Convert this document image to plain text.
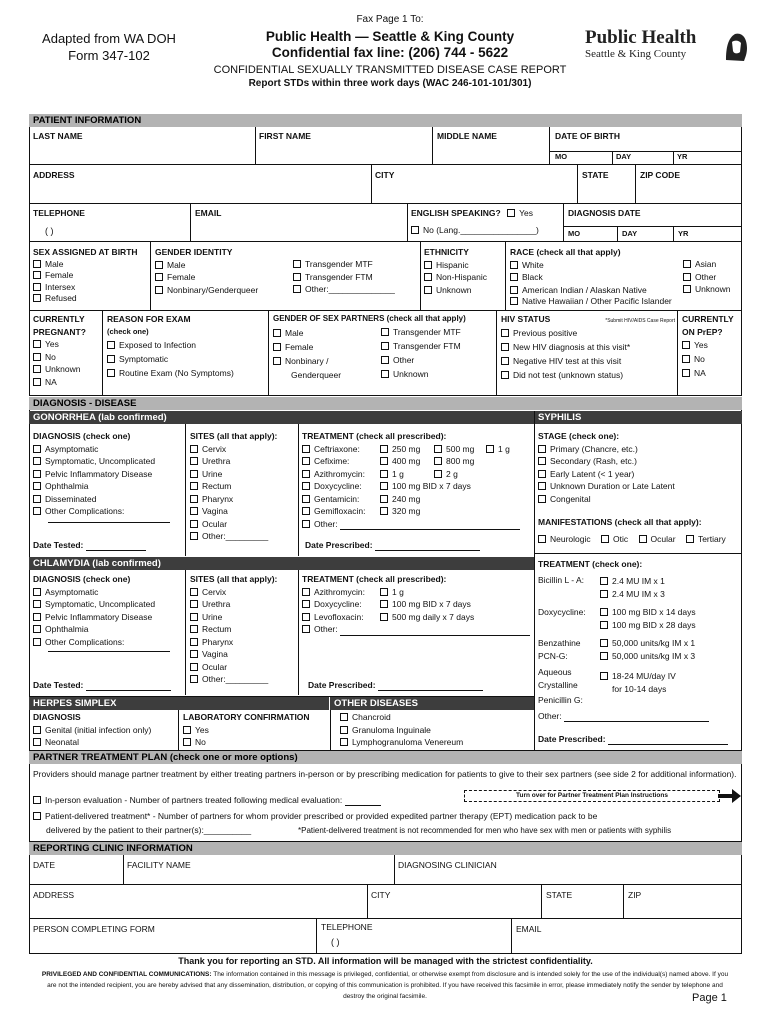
Adapted from WA DOH
Form 347-102
Fax Page 1 To:
Public Health — Seattle & King County
Confidential fax line: (206) 744 - 5622
CONFIDENTIAL SEXUALLY TRANSMITTED DISEASE CASE REPORT
Report STDs within three work days (WAC 246-101-101/301)
Public Health
Seattle & King County
PATIENT INFORMATION
LAST NAME	FIRST NAME	MIDDLE NAME	DATE OF BIRTH
MO	DAY	YR
ADDRESS	CITY	STATE	ZIP CODE
TELEPHONE
( )
EMAIL	ENGLISH SPEAKING? Yes
No (Lang.________________)
DIAGNOSIS DATE
MO	DAY	YR
SEX ASSIGNED AT BIRTH
Male
Female
Intersex
Refused
GENDER IDENTITY
Male
Female
Nonbinary/Genderqueer
Transgender MTF
Transgender FTM
Other:______________
ETHNICITY
Hispanic
Non-Hispanic
Unknown
RACE (check all that apply)
White
Black
American Indian / Alaskan Native
Native Hawaiian / Other Pacific Islander
Asian
Other
Unknown
CURRENTLY
PREGNANT?
Yes
No
Unknown
NA
REASON FOR EXAM
(check one)
Exposed to Infection
Symptomatic
Routine Exam (No Symptoms)
GENDER OF SEX PARTNERS (check all that apply)
Male
Female
Nonbinary /
Genderqueer
Transgender MTF
Transgender FTM
Other
Unknown
HIV STATUS	*Submit HIV/AIDS Case Report
Previous positive
New HIV diagnosis at this visit*
Negative HIV test at this visit
Did not test (unknown status)
CURRENTLY
ON PrEP?
Yes
No
NA
DIAGNOSIS - DISEASE
GONORRHEA (lab confirmed)	SYPHILIS
DIAGNOSIS (check one)
Asymptomatic
Symptomatic, Uncomplicated
Pelvic Inflammatory Disease
Ophthalmia
Disseminated
Other Complications:
Date Tested:
SITES (all that apply):
Cervix
Urethra
Urine
Rectum
Pharynx
Vagina
Ocular
Other:_________
TREATMENT (check all prescribed):
Ceftriaxone:	250 mg	500 mg	1 g
Cefixime:	400 mg	800 mg
Azithromycin:	1 g	2 g
Doxycycline:	100 mg BID x 7 days
Gentamicin:	240 mg
Gemifloxacin:	320 mg
Other:
Date Prescribed:
CHLAMYDIA (lab confirmed)
DIAGNOSIS (check one)
Asymptomatic
Symptomatic, Uncomplicated
Pelvic Inflammatory Disease
Ophthalmia
Other Complications:
Date Tested:
SITES (all that apply):
Cervix
Urethra
Urine
Rectum
Pharynx
Vagina
Ocular
Other:_________
TREATMENT (check all prescribed):
Azithromycin:	1 g
Doxycycline:	100 mg BID x 7 days
Levofloxacin:	500 mg daily x 7 days
Other:
Date Prescribed:
STAGE (check one):
Primary (Chancre, etc.)
Secondary (Rash, etc.)
Early Latent (< 1 year)
Unknown Duration or Late Latent
Congenital
MANIFESTATIONS (check all that apply):
Neurologic	Otic	Ocular	Tertiary
TREATMENT (check one):
Bicillin L - A:	2.4 MU IM x 1
2.4 MU IM x 3
Doxycycline:	100 mg BID x 14 days
100 mg BID x 28 days
Benzathine
PCN-G:
50,000 units/kg IM x 1
50,000 units/kg IM x 3
Aqueous
Crystalline
Penicillin G:
18-24 MU/day IV
for 10-14 days
Other:
Date Prescribed:
HERPES SIMPLEX	OTHER DISEASES
DIAGNOSIS
Genital (initial infection only)
Neonatal
LABORATORY CONFIRMATION
Yes
No
Chancroid
Granuloma Inguinale
Lymphogranuloma Venereum
PARTNER TREATMENT PLAN (check one or more options)
Providers should manage partner treatment by either treating partners in-person or by prescribing medication for patients to give to their sex partners (see side 2 for additional information).
Turn over for Partner Treatment Plan Instructions
In-person evaluation - Number of partners treated following medical evaluation:
Patient-delivered treatment* - Number of partners for whom provider prescribed or provided expedited partner therapy (EPT) medication pack to be
delivered by the patient to their partner(s):__________	*Patient-delivered treatment is not recommended for men who have sex with men or patients with syphilis
REPORTING CLINIC INFORMATION
DATE	FACILITY NAME	DIAGNOSING CLINICIAN
ADDRESS	CITY	STATE	ZIP
PERSON COMPLETING FORM	TELEPHONE
( )
EMAIL
Thank you for reporting an STD. All information will be managed with the strictest confidentiality.
PRIVILEGED AND CONFIDENTIAL COMMUNICATIONS: The information contained in this message is privileged, confidential, or otherwise exempt from disclosure and is intended solely for the use of the individual(s) named above. If you are not the intended recipient, you are hereby advised that any dissemination, distribution, or copying of this communication is prohibited. If you have received this facsimile in error, please immediately notify the sender by telephone and destroy the original facsimile.	Page 1
